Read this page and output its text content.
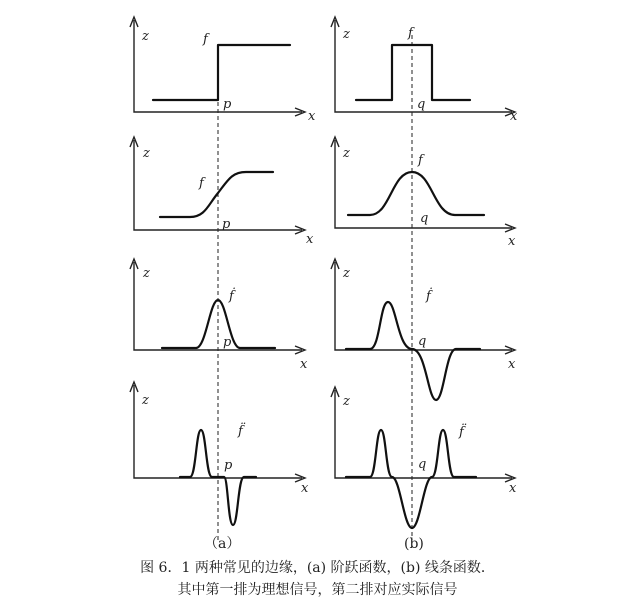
z
x
f
p
z
x
f
q
z
x
f
p
z
x
f
q
z
x
ḟ
p
z
x
ḟ
q
z
x
f̈
p
z
x
f̈
q
（a）	(b)
图 6．1 两种常见的边缘，(a) 阶跃函数，(b) 线条函数．
其中第一排为理想信号，第二排对应实际信号
